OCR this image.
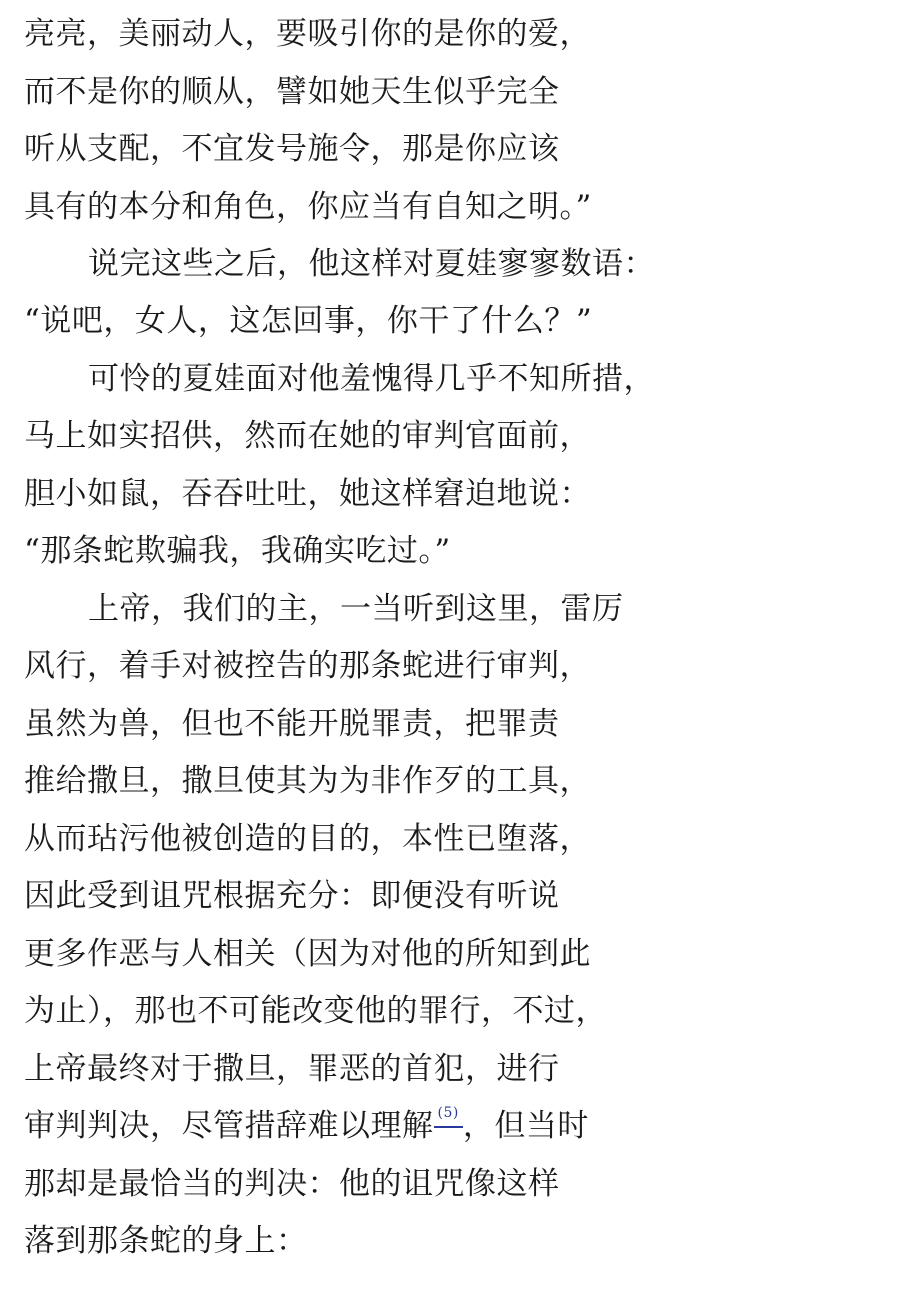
亮亮，美丽动人，要吸引你的是你的爱，
而不是你的顺从，譬如她天生似乎完全
听从支配，不宜发号施令，那是你应该
具有的本分和角色，你应当有自知之明。”
说完这些之后，他这样对夏娃寥寥数语：
“说吧，女人，这怎回事，你干了什么？”
可怜的夏娃面对他羞愧得几乎不知所措，
马上如实招供，然而在她的审判官面前，
胆小如鼠，吞吞吐吐，她这样窘迫地说：
“那条蛇欺骗我，我确实吃过。”
上帝，我们的主，一当听到这里，雷厉
风行，着手对被控告的那条蛇进行审判，
虽然为兽，但也不能开脱罪责，把罪责
推给撒旦，撒旦使其为为非作歹的工具，
从而玷污他被创造的目的，本性已堕落，
因此受到诅咒根据充分：即便没有听说
更多作恶与人相关（因为对他的所知到此
为止），那也不可能改变他的罪行，不过，
上帝最终对于撒旦，罪恶的首犯，进行
审判判决，尽管措辞难以理解 (5) ，但当时
那却是最恰当的判决：他的诅咒像这样
落到那条蛇的身上：
